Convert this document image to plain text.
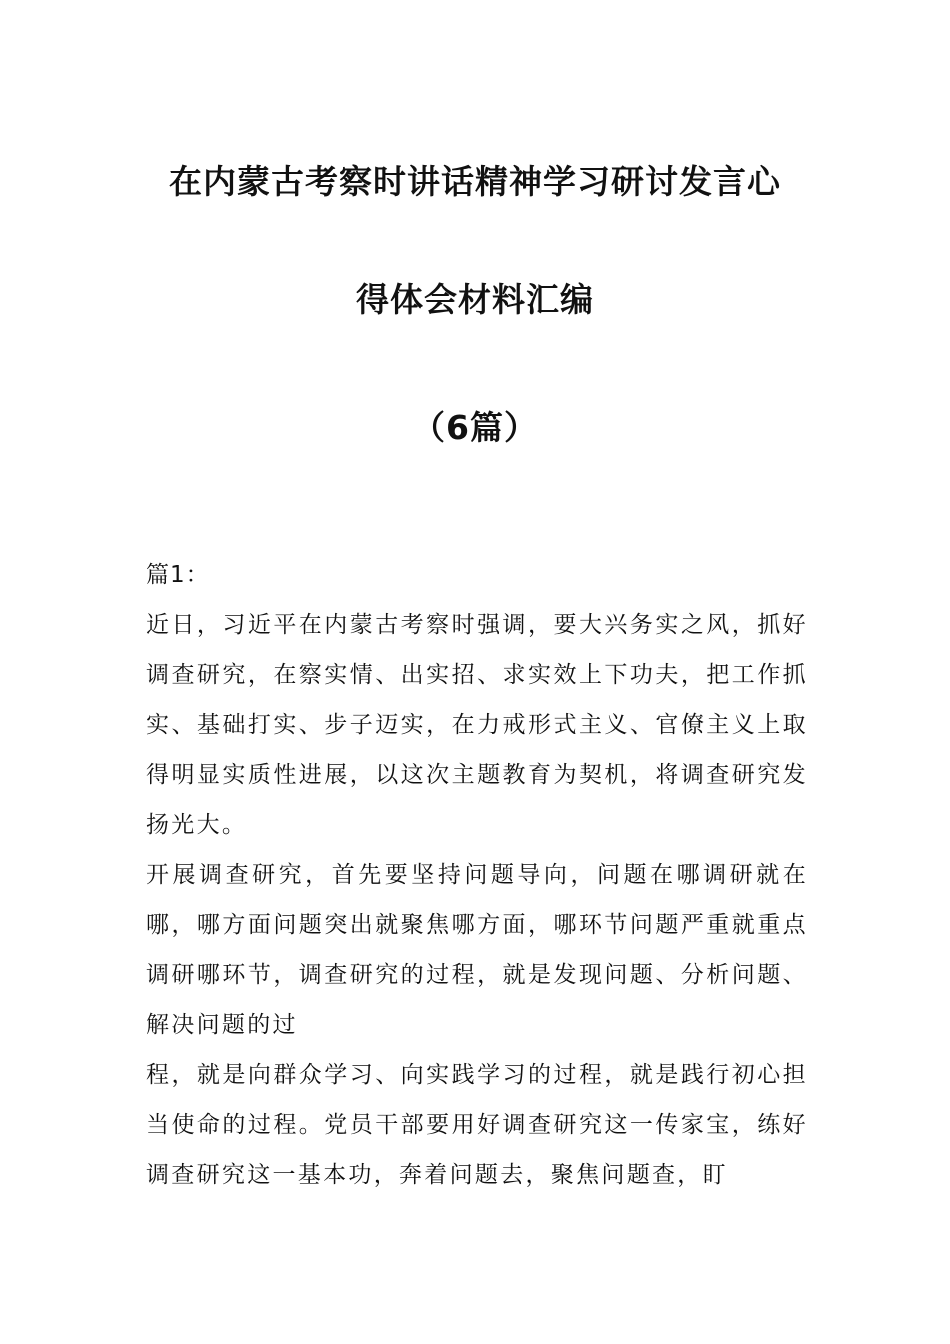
在内蒙古考察时讲话精神学习研讨发言心
得体会材料汇编
（6篇）

篇1：

近日，习近平在内蒙古考察时强调，要大兴务实之风，抓好调查研究，在察实情、出实招、求实效上下功夫，把工作抓实、基础打实、步子迈实，在力戒形式主义、官僚主义上取得明显实质性进展，以这次主题教育为契机，将调查研究发扬光大。

开展调查研究，首先要坚持问题导向，问题在哪调研就在哪，哪方面问题突出就聚焦哪方面，哪环节问题严重就重点调研哪环节，调查研究的过程，就是发现问题、分析问题、解决问题的过

程，就是向群众学习、向实践学习的过程，就是践行初心担当使命的过程。党员干部要用好调查研究这一传家宝，练好调查研究这一基本功，奔着问题去，聚焦问题查，盯
